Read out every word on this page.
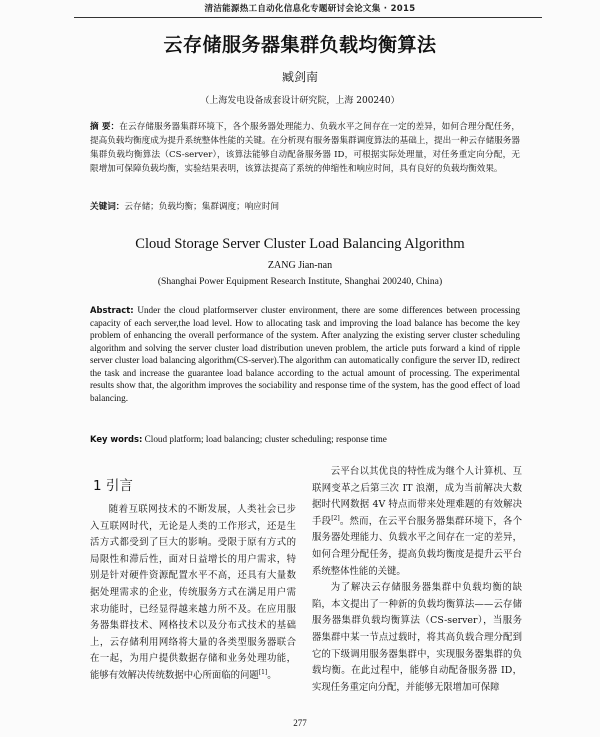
清洁能源热工自动化信息化专题研讨会论文集 · 2015
云存储服务器集群负载均衡算法
臧剑南
（上海发电设备成套设计研究院，上海 200240）

摘 要：在云存储服务器集群环境下，各个服务器处理能力、负载水平之间存在一定的差异，如何合理分配任务，提高负载均衡度成为提升系统整体性能的关键。在分析现有服务器集群调度算法的基础上，提出一种云存储服务器集群负载均衡算法（CS-server），该算法能够自动配备服务器 ID，可根据实际处理量，对任务重定向分配，无限增加可保障负载均衡，实验结果表明，该算法提高了系统的伸缩性和响应时间，具有良好的负载均衡效果。

关键词：云存储；负载均衡；集群调度；响应时间
Cloud Storage Server Cluster Load Balancing Algorithm
ZANG Jian-nan
(Shanghai Power Equipment Research Institute, Shanghai 200240, China)

Abstract: Under the cloud platformserver cluster environment, there are some differences between processing capacity of each server,the load level. How to allocating task and improving the load balance has become the key problem of enhancing the overall performance of the system. After analyzing the existing server cluster scheduling algorithm and solving the server cluster load distribution uneven problem, the article puts forward a kind of ripple server cluster load balancing algorithm(CS-server).The algorithm can automatically configure the server ID, redirect the task and increase the guarantee load balance according to the actual amount of processing. The experimental results show that, the algorithm improves the sociability and response time of the system, has the good effect of load balancing.

Key words: Cloud platform; load balancing; cluster scheduling; response time
1 引言

随着互联网技术的不断发展，人类社会已步入互联网时代，无论是人类的工作形式，还是生活方式都受到了巨大的影响。受限于原有方式的局限性和滞后性，面对日益增长的用户需求，特别是针对硬件资源配置水平不高，还具有大量数据处理需求的企业，传统服务方式在满足用户需求功能时，已经显得越来越力所不及。在应用服务器集群技术、网格技术以及分布式技术的基础上，云存储利用网络将大量的各类型服务器联合在一起，为用户提供数据存储和业务处理功能，能够有效解决传统数据中心所面临的问题[1]。

云平台以其优良的特性成为继个人计算机、互联网变革之后第三次 IT 浪潮，成为当前解决大数据时代网数据 4V 特点而带来处理难题的有效解决手段[2]。然而，在云平台服务器集群环境下，各个服务器处理能力、负载水平之间存在一定的差异，如何合理分配任务，提高负载均衡度是提升云平台系统整体性能的关键。

为了解决云存储服务器集群中负载均衡的缺陷，本文提出了一种新的负载均衡算法——云存储服务器集群负载均衡算法（CS-server），当服务器集群中某一节点过载时，将其高负载合理分配到它的下级调用服务器集群中，实现服务器集群的负载均衡。在此过程中，能够自动配备服务器 ID，实现任务重定向分配，并能够无限增加可保障

277
